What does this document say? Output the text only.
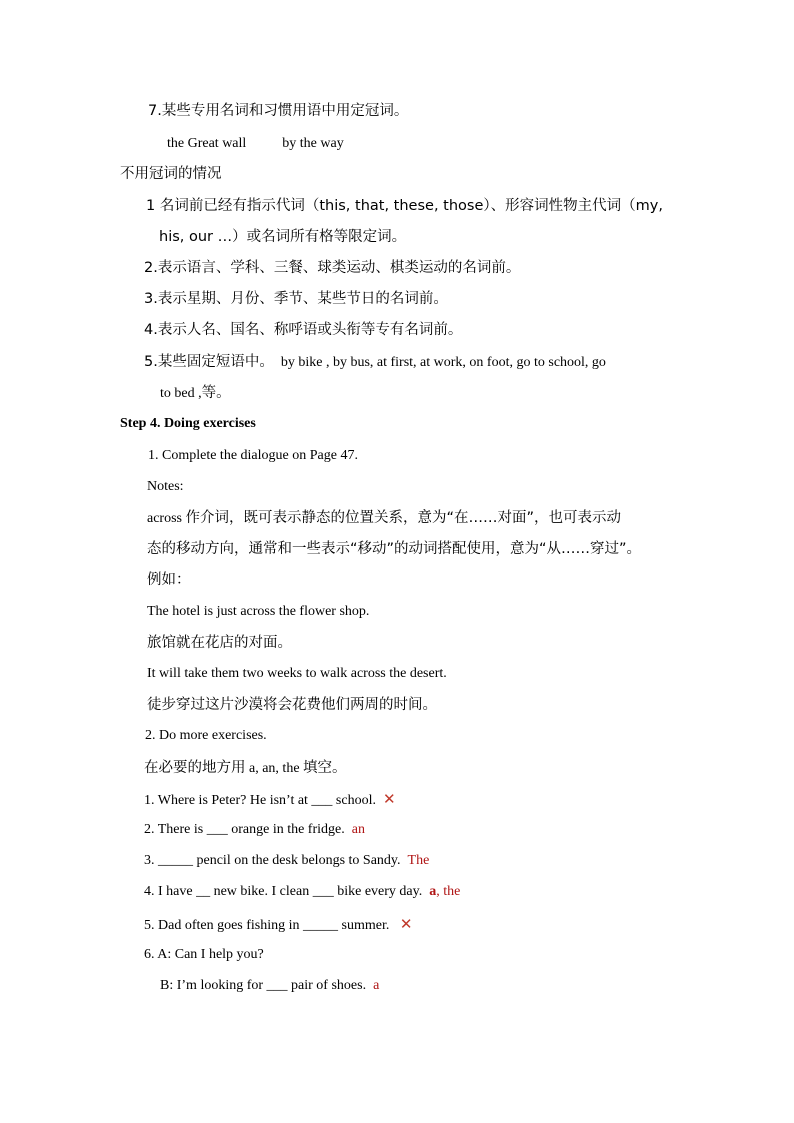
7.某些专用名词和习惯用语中用定冠词。
the Great wall	by the way
不用冠词的情况
1 名词前已经有指示代词（this, that, these, those）、形容词性物主代词（my,
his, our …）或名词所有格等限定词。
2.表示语言、学科、三餐、球类运动、棋类运动的名词前。
3.表示星期、月份、季节、某些节日的名词前。
4.表示人名、国名、称呼语或头衔等专有名词前。
5.某些固定短语中。 by bike , by bus, at first, at work, on foot, go to school, go
to bed ,等。
Step 4. Doing exercises
1. Complete the dialogue on Page 47.
Notes:
across 作介词，既可表示静态的位置关系，意为“在……对面”，也可表示动
态的移动方向，通常和一些表示“移动”的动词搭配使用，意为“从……穿过”。
例如：
The hotel is just across the flower shop.
旅馆就在花店的对面。
It will take them two weeks to walk across the desert.
徒步穿过这片沙漠将会花费他们两周的时间。
2. Do more exercises.
在必要的地方用 a, an, the 填空。
1. Where is Peter? He isn’t at ___ school. ✕
2. There is ___ orange in the fridge. an
3. _____ pencil on the desk belongs to Sandy. The
4. I have __ new bike. I clean ___ bike every day. a, the
5. Dad often goes fishing in _____ summer. ✕
6. A: Can I help you?
B: I’m looking for ___ pair of shoes. a
